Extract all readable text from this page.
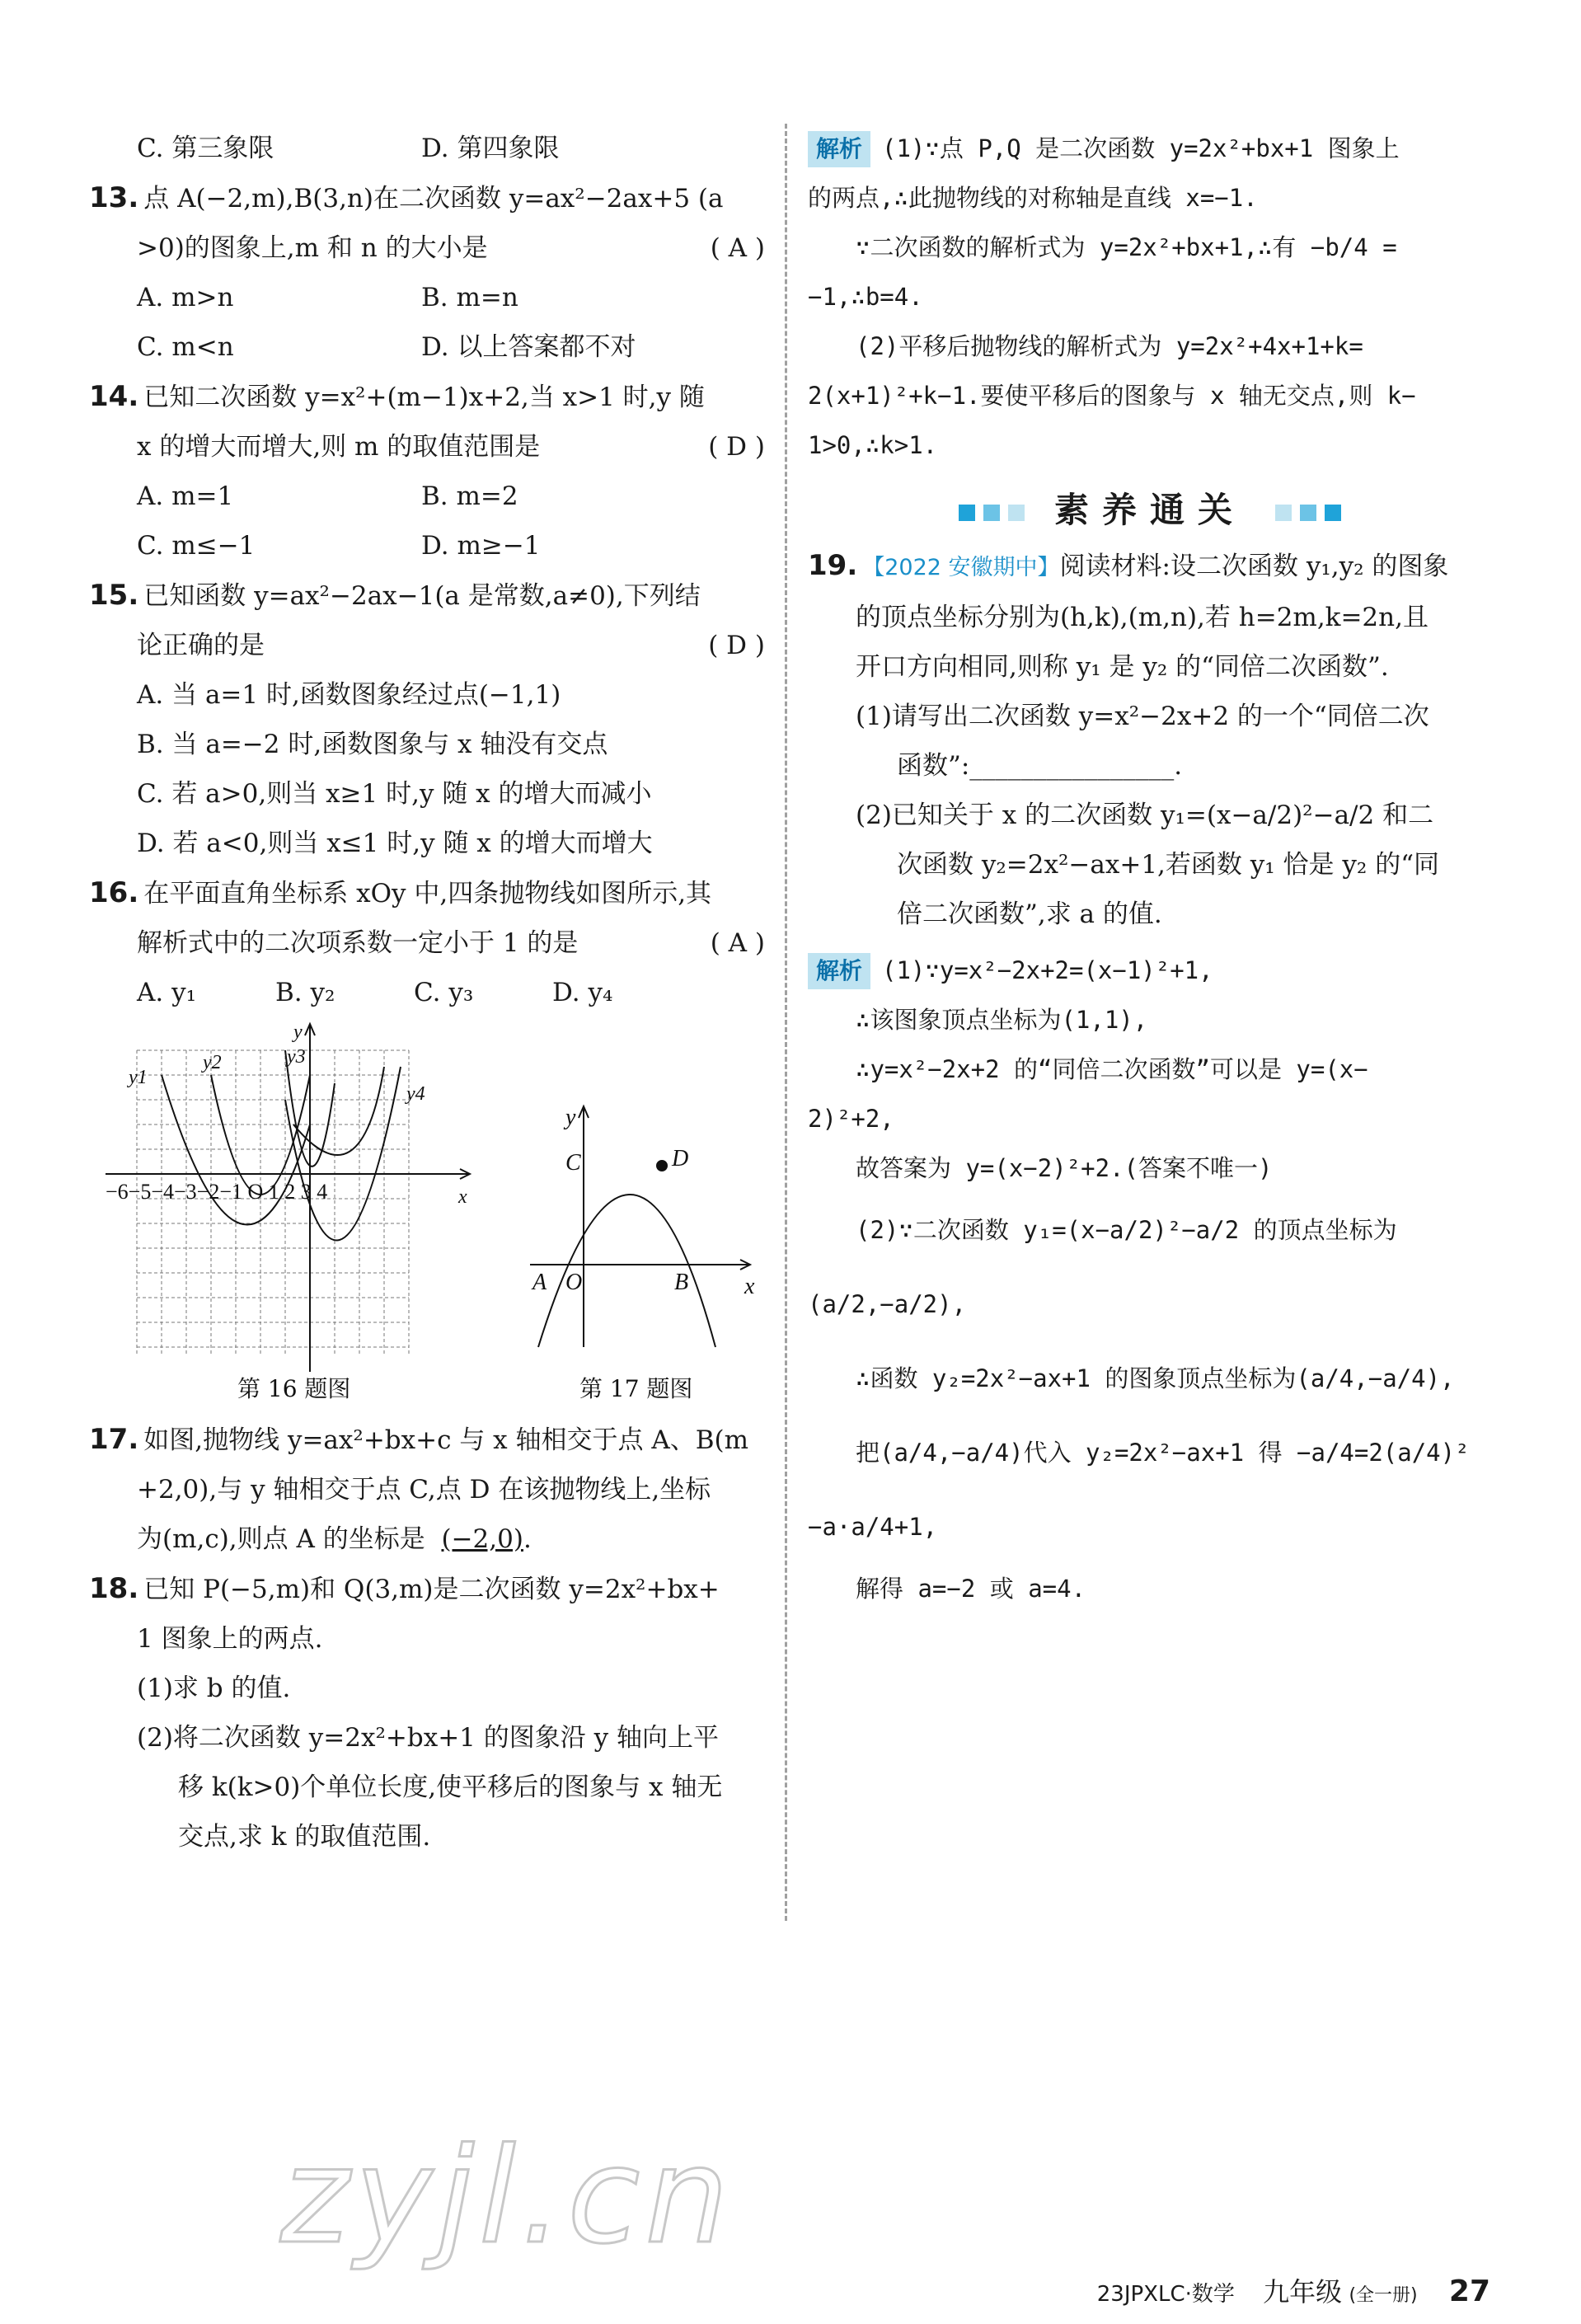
C. 第三象限	D. 第四象限
13. 点 A(−2,m),B(3,n)在二次函数 y=ax²−2ax+5 (a
>0)的图象上,m 和 n 的大小是	( A )
A. m>n	B. m=n
C. m<n	D. 以上答案都不对
14. 已知二次函数 y=x²+(m−1)x+2,当 x>1 时,y 随
x 的增大而增大,则 m 的取值范围是	( D )
A. m=1	B. m=2
C. m≤−1	D. m≥−1
15. 已知函数 y=ax²−2ax−1(a 是常数,a≠0),下列结
论正确的是	( D )
A. 当 a=1 时,函数图象经过点(−1,1)
B. 当 a=−2 时,函数图象与 x 轴没有交点
C. 若 a>0,则当 x≥1 时,y 随 x 的增大而减小
D. 若 a<0,则当 x≤1 时,y 随 x 的增大而增大
16. 在平面直角坐标系 xOy 中,四条抛物线如图所示,其
解析式中的二次项系数一定小于 1 的是	( A )
A. y₁	B. y₂	C. y₃	D. y₄
y1
y2	y3
y4
y
x
−6−5−4−3−2−1 O 1 2 3 4
y
x
C	D
A O	B
第 16 题图	第 17 题图
17. 如图,抛物线 y=ax²+bx+c 与 x 轴相交于点 A、B(m
+2,0),与 y 轴相交于点 C,点 D 在该抛物线上,坐标
为(m,c),则点 A 的坐标是 (−2,0).
18. 已知 P(−5,m)和 Q(3,m)是二次函数 y=2x²+bx+
1 图象上的两点.
(1)求 b 的值.
(2)将二次函数 y=2x²+bx+1 的图象沿 y 轴向上平
移 k(k>0)个单位长度,使平移后的图象与 x 轴无
交点,求 k 的取值范围.
解析 (1)∵点 P,Q 是二次函数 y=2x²+bx+1 图象上
的两点,∴此抛物线的对称轴是直线 x=−1.
∵二次函数的解析式为 y=2x²+bx+1,∴有 −b/4 =
−1,∴b=4.
(2)平移后抛物线的解析式为 y=2x²+4x+1+k=
2(x+1)²+k−1.要使平移后的图象与 x 轴无交点,则 k−
1>0,∴k>1.
素养通关
19. 【2022 安徽期中】阅读材料:设二次函数 y₁,y₂ 的图象
的顶点坐标分别为(h,k),(m,n),若 h=2m,k=2n,且
开口方向相同,则称 y₁ 是 y₂ 的“同倍二次函数”.
(1)请写出二次函数 y=x²−2x+2 的一个“同倍二次
函数”:________________.
(2)已知关于 x 的二次函数 y₁=(x−a/2)²−a/2 和二
次函数 y₂=2x²−ax+1,若函数 y₁ 恰是 y₂ 的“同
倍二次函数”,求 a 的值.
解析 (1)∵y=x²−2x+2=(x−1)²+1,
∴该图象顶点坐标为(1,1),
∴y=x²−2x+2 的“同倍二次函数”可以是 y=(x−
2)²+2,
故答案为 y=(x−2)²+2.(答案不唯一)
(2)∵二次函数 y₁=(x−a/2)²−a/2 的顶点坐标为
(a/2,−a/2),
∴函数 y₂=2x²−ax+1 的图象顶点坐标为(a/4,−a/4),
把(a/4,−a/4)代入 y₂=2x²−ax+1 得 −a/4=2(a/4)²
−a·a/4+1,
解得 a=−2 或 a=4.
zyjl.cn
23JPXLC·数学 九年级 (全一册) 27
